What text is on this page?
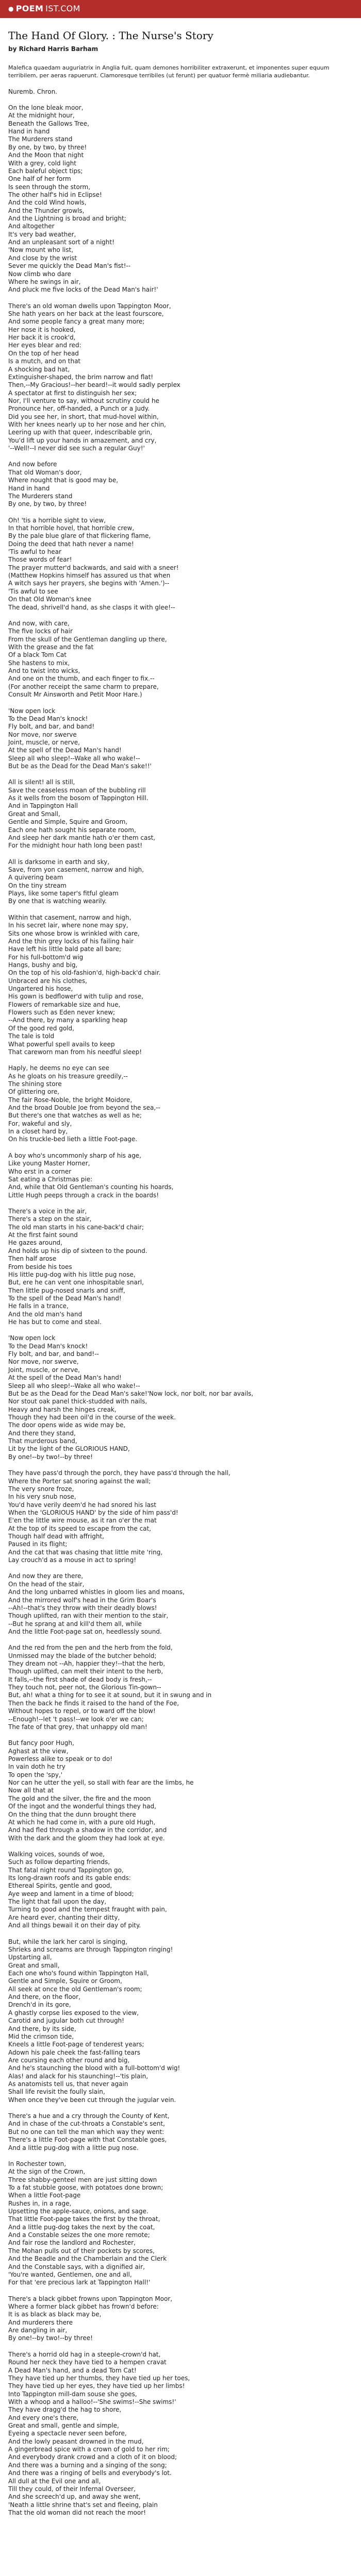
● POEM IST.COM
The Hand Of Glory. : The Nurse's Story

by Richard Harris Barham

Malefica quaedam auguriatrix in Anglia fuit, quam demones horribiliter extraxerunt, et imponentes super equum terribilem, per aeras rapuerunt. Clamoresque terribiles (ut ferunt) per quatuor fermè miliaria audiebantur.

Nuremb. Chron.
On the lone bleak moor,
At the midnight hour,
Beneath the Gallows Tree,
Hand in hand
The Murderers stand
By one, by two, by three!
And the Moon that night
With a grey, cold light
Each baleful object tips;
One half of her form
Is seen through the storm,
The other half's hid in Eclipse!
And the cold Wind howls,
And the Thunder growls,
And the Lightning is broad and bright;
And altogether
It's very bad weather,
And an unpleasant sort of a night!
'Now mount who list,
And close by the wrist
Sever me quickly the Dead Man's fist!--
Now climb who dare
Where he swings in air,
And pluck me five locks of the Dead Man's hair!'
There's an old woman dwells upon Tappington Moor,
She hath years on her back at the least fourscore,
And some people fancy a great many more;
Her nose it is hooked,
Her back it is crook'd,
Her eyes blear and red:
On the top of her head
Is a mutch, and on that
A shocking bad hat,
Extinguisher-shaped, the brim narrow and flat!
Then,--My Gracious!--her beard!--it would sadly perplex
A spectator at first to distinguish her sex;
Nor, I'll venture to say, without scrutiny could he
Pronounce her, off-handed, a Punch or a Judy.
Did you see her, in short, that mud-hovel within,
With her knees nearly up to her nose and her chin,
Leering up with that queer, indescribable grin,
You'd lift up your hands in amazement, and cry,
'--Well!--I never did see such a regular Guy!'
And now before
That old Woman's door,
Where nought that is good may be,
Hand in hand
The Murderers stand
By one, by two, by three!
Oh! 'tis a horrible sight to view,
In that horrible hovel, that horrible crew,
By the pale blue glare of that flickering flame,
Doing the deed that hath never a name!
'Tis awful to hear
Those words of fear!
The prayer mutter'd backwards, and said with a sneer!
(Matthew Hopkins himself has assured us that when
A witch says her prayers, she begins with 'Amen.')--
'Tis awful to see
On that Old Woman's knee
The dead, shrivell'd hand, as she clasps it with glee!--
And now, with care,
The five locks of hair
From the skull of the Gentleman dangling up there,
With the grease and the fat
Of a black Tom Cat
She hastens to mix,
And to twist into wicks,
And one on the thumb, and each finger to fix.--
(For another receipt the same charm to prepare,
Consult Mr Ainsworth and Petit Moor Hare.)
'Now open lock
To the Dead Man's knock!
Fly bolt, and bar, and band!
Nor move, nor swerve
Joint, muscle, or nerve,
At the spell of the Dead Man's hand!
Sleep all who sleep!--Wake all who wake!--
But be as the Dead for the Dead Man's sake!!'
All is silent! all is still,
Save the ceaseless moan of the bubbling rill
As it wells from the bosom of Tappington Hill.
And in Tappington Hall
Great and Small,
Gentle and Simple, Squire and Groom,
Each one hath sought his separate room,
And sleep her dark mantle hath o'er them cast,
For the midnight hour hath long been past!
All is darksome in earth and sky,
Save, from yon casement, narrow and high,
A quivering beam
On the tiny stream
Plays, like some taper's fitful gleam
By one that is watching wearily.
Within that casement, narrow and high,
In his secret lair, where none may spy,
Sits one whose brow is wrinkled with care,
And the thin grey locks of his failing hair
Have left his little bald pate all bare;
For his full-bottom'd wig
Hangs, bushy and big,
On the top of his old-fashion'd, high-back'd chair.
Unbraced are his clothes,
Ungartered his hose,
His gown is bedflower'd with tulip and rose,
Flowers of remarkable size and hue,
Flowers such as Eden never knew;
--And there, by many a sparkling heap
Of the good red gold,
The tale is told
What powerful spell avails to keep
That careworn man from his needful sleep!
Haply, he deems no eye can see
As he gloats on his treasure greedily,--
The shining store
Of glittering ore,
The fair Rose-Noble, the bright Moidore,
And the broad Double Joe from beyond the sea,--
But there's one that watches as well as he;
For, wakeful and sly,
In a closet hard by,
On his truckle-bed lieth a little Foot-page.
A boy who's uncommonly sharp of his age,
Like young Master Horner,
Who erst in a corner
Sat eating a Christmas pie:
And, while that Old Gentleman's counting his hoards,
Little Hugh peeps through a crack in the boards!
There's a voice in the air,
There's a step on the stair,
The old man starts in his cane-back'd chair;
At the first faint sound
He gazes around,
And holds up his dip of sixteen to the pound.
Then half arose
From beside his toes
His little pug-dog with his little pug nose,
But, ere he can vent one inhospitable snarl,
Then little pug-nosed snarls and sniff,
To the spell of the Dead Man's hand!
He falls in a trance,
And the old man's hand
He has but to come and steal.
'Now open lock
To the Dead Man's knock!
Fly bolt, and bar, and band!--
Nor move, nor swerve,
Joint, muscle, or nerve,
At the spell of the Dead Man's hand!
Sleep all who sleep!--Wake all who wake!--
But be as the Dead for the Dead Man's sake!'Now lock, nor bolt, nor bar avails,
Nor stout oak panel thick-studded with nails,
Heavy and harsh the hinges creak,
Though they had been oil'd in the course of the week.
The door opens wide as wide may be,
And there they stand,
That murderous band,
Lit by the light of the GLORIOUS HAND,
By one!--by two!--by three!
They have pass'd through the porch, they have pass'd through the hall,
Where the Porter sat snoring against the wall;
The very snore froze,
In his very snub nose,
You'd have verily deem'd he had snored his last
When the 'GLORIOUS HAND' by the side of him pass'd!
E'en the little wire mouse, as it ran o'er the mat
At the top of its speed to escape from the cat,
Though half dead with affright,
Paused in its flight;
And the cat that was chasing that little mite 'ring,
Lay crouch'd as a mouse in act to spring!
And now they are there,
On the head of the stair,
And the long unbarred whistles in gloom lies and moans,
And the mirrored wolf's head in the Grim Boar's
--Ah!--that's they throw with their deadly blows!
Though uplifted, ran with their mention to the stair,
--But he sprang at and kill'd them all, while
And the little Foot-page sat on, heedlessly sound.
And the red from the pen and the herb from the fold,
Unmissed may the blade of the butcher behold;
They dream not --Ah, happier they!--that the herb,
Though uplifted, can melt their intent to the herb,
It falls,--the first shade of dead body is fresh,--
They touch not, peer not, the Glorious Tin-gown--
But, ah! what a thing for to see it at sound, but it in swung and in
Then the back he finds it raised to the hand of the Foe,
Without hopes to repel, or to ward off the blow!
--Enough!--let 't pass!--we look o'er we can;
The fate of that grey, that unhappy old man!
But fancy poor Hugh,
Aghast at the view,
Powerless alike to speak or to do!
In vain doth he try
To open the 'spy,'
Nor can he utter the yell, so stall with fear are the limbs, he
Now all that at
The gold and the silver, the fire and the moon
Of the ingot and the wonderful things they had,
On the thing that the dunn brought there
At which he had come in, with a pure old Hugh,
And had fled through a shadow in the corridor, and
With the dark and the gloom they had look at eye.
Walking voices, sounds of woe,
Such as follow departing friends,
That fatal night round Tappington go,
Its long-drawn roofs and its gable ends:
Ethereal Spirits, gentle and good,
Aye weep and lament in a time of blood;
The light that fall upon the day,
Turning to good and the tempest fraught with pain,
Are heard ever, chanting their ditty,
And all things bewail it on their day of pity.
But, while the lark her carol is singing,
Shrieks and screams are through Tappington ringing!
Upstarting all,
Great and small,
Each one who's found within Tappington Hall,
Gentle and Simple, Squire or Groom,
All seek at once the old Gentleman's room;
And there, on the floor,
Drench'd in its gore,
A ghastly corpse lies exposed to the view,
Carotid and jugular both cut through!
And there, by its side,
Mid the crimson tide,
Kneels a little Foot-page of tenderest years;
Adown his pale cheek the fast-falling tears
Are coursing each other round and big,
And he's staunching the blood with a full-bottom'd wig!
Alas! and alack for his staunching!--'tis plain,
As anatomists tell us, that never again
Shall life revisit the foully slain,
When once they've been cut through the jugular vein.
There's a hue and a cry through the County of Kent,
And in chase of the cut-throats a Constable's sent,
But no one can tell the man which way they went:
There's a little Foot-page with that Constable goes,
And a little pug-dog with a little pug nose.
In Rochester town,
At the sign of the Crown,
Three shabby-genteel men are just sitting down
To a fat stubble goose, with potatoes done brown;
When a little Foot-page
Rushes in, in a rage,
Upsetting the apple-sauce, onions, and sage.
That little Foot-page takes the first by the throat,
And a little pug-dog takes the next by the coat,
And a Constable seizes the one more remote;
And fair rose the landlord and Rochester,
The Mohan pulls out of their pockets by scores,
And the Beadle and the Chamberlain and the Clerk
And the Constable says, with a dignified air,
'You're wanted, Gentlemen, one and all,
For that 'ere precious lark at Tappington Hall!'
There's a black gibbet frowns upon Tappington Moor,
Where a former black gibbet has frown'd before:
It is as black as black may be,
And murderers there
Are dangling in air,
By one!--by two!--by three!
There's a horrid old hag in a steeple-crown'd hat,
Round her neck they have tied to a hempen cravat
A Dead Man's hand, and a dead Tom Cat!
They have tied up her thumbs, they have tied up her toes,
They have tied up her eyes, they have tied up her limbs!
Into Tappington mill-dam souse she goes,
With a whoop and a halloo!--'She swims!--She swims!'
They have dragg'd the hag to shore,
And every one's there,
Great and small, gentle and simple,
Eyeing a spectacle never seen before,
And the lowly peasant drowned in the mud,
A gingerbread spice with a crown of gold to her rim;
And everybody drank crowd and a cloth of it on blood;
And there was a burning and a singing of the song;
And there was a ringing of bells and everybody's lot.
All dull at the Evil one and all,
Till they could, of their Infernal Overseer,
And she screech'd up, and away she went,
'Neath a little shrine that's set and fleeing, plain
That the old woman did not reach the moor!
